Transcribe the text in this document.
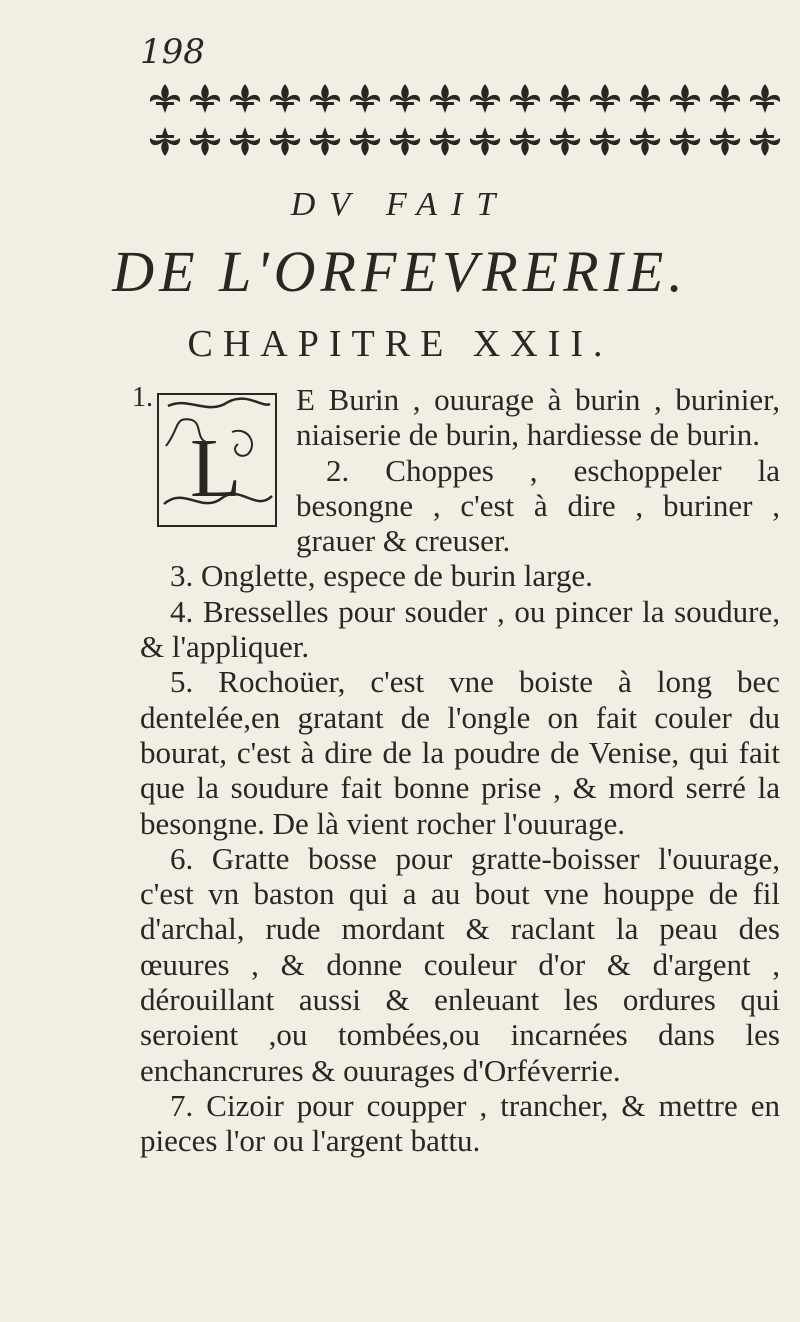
198
DV FAIT
DE L'ORFEVRERIE.
CHAPITRE XXII.

1.
L
E Burin , ouurage à burin , burinier, niaiserie de burin, hardiesse de burin.

2. Choppes , eschoppeler la besongne , c'est à dire , buriner , grauer & creuser.

3. Onglette, espece de burin large.

4. Bresselles pour souder , ou pincer la soudure, & l'appliquer.

5. Rochoüer, c'est vne boiste à long bec dentelée,en gratant de l'ongle on fait couler du bourat, c'est à dire de la poudre de Venise, qui fait que la soudure fait bonne prise , & mord serré la besongne. De là vient rocher l'ouurage.

6. Gratte bosse pour gratte-boisser l'ouurage, c'est vn baston qui a au bout vne houppe de fil d'archal, rude mordant & raclant la peau des œuures , & donne couleur d'or & d'argent , dérouillant aussi & enleuant les ordures qui seroient ,ou tombées,ou incarnées dans les enchancrures & ouurages d'Orféverrie.

7. Cizoir pour coupper , trancher, & mettre en pieces l'or ou l'argent battu.
